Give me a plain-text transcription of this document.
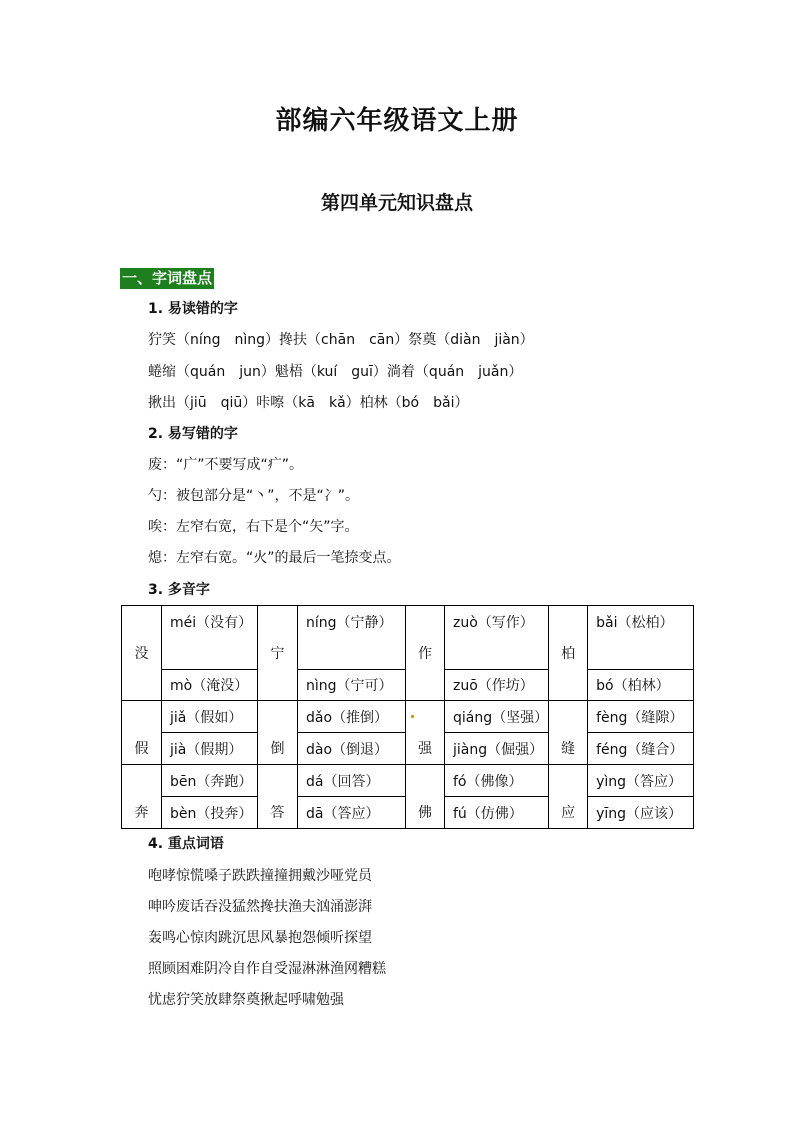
部编六年级语文上册
第四单元知识盘点
一、字词盘点
1. 易读错的字
狞笑（níng　nìng）搀扶（chān　cān）祭奠（diàn　jiàn）
蜷缩（quán　jun）魁梧（kuí　guī）淌着（quán　juǎn）
揪出（jiū　qiū）咔嚓（kā　kǎ）柏林（bó　bǎi）
2. 易写错的字
废：“广”不要写成“疒”。
勺：被包部分是“丶”，不是“冫”。
唉：左窄右宽，右下是个“矢”字。
熄：左窄右宽。“火”的最后一笔捺变点。
3. 多音字
没	méi（没有）	宁	níng（宁静）	作	zuò（写作）	柏	bǎi（松柏）
	mò（淹没）		nìng（宁可）		zuō（作坊）		bó（柏林）
假	jiǎ（假如）	倒	dǎo（推倒）	强	qiáng（坚强）	缝	fèng（缝隙）
	jià（假期）		dào（倒退）		jiàng（倔强）		féng（缝合）
奔	bēn（奔跑）	答	dá（回答）	佛	fó（佛像）	应	yìng（答应）
	bèn（投奔）		dā（答应）		fú（仿佛）		yīng（应该）
4. 重点词语
咆哮惊慌嗓子跌跌撞撞拥戴沙哑党员
呻吟废话吞没猛然搀扶渔夫汹涌澎湃
轰鸣心惊肉跳沉思风暴抱怨倾听探望
照顾困难阴冷自作自受湿淋淋渔网糟糕
忧虑狞笑放肆祭奠揪起呼啸勉强
